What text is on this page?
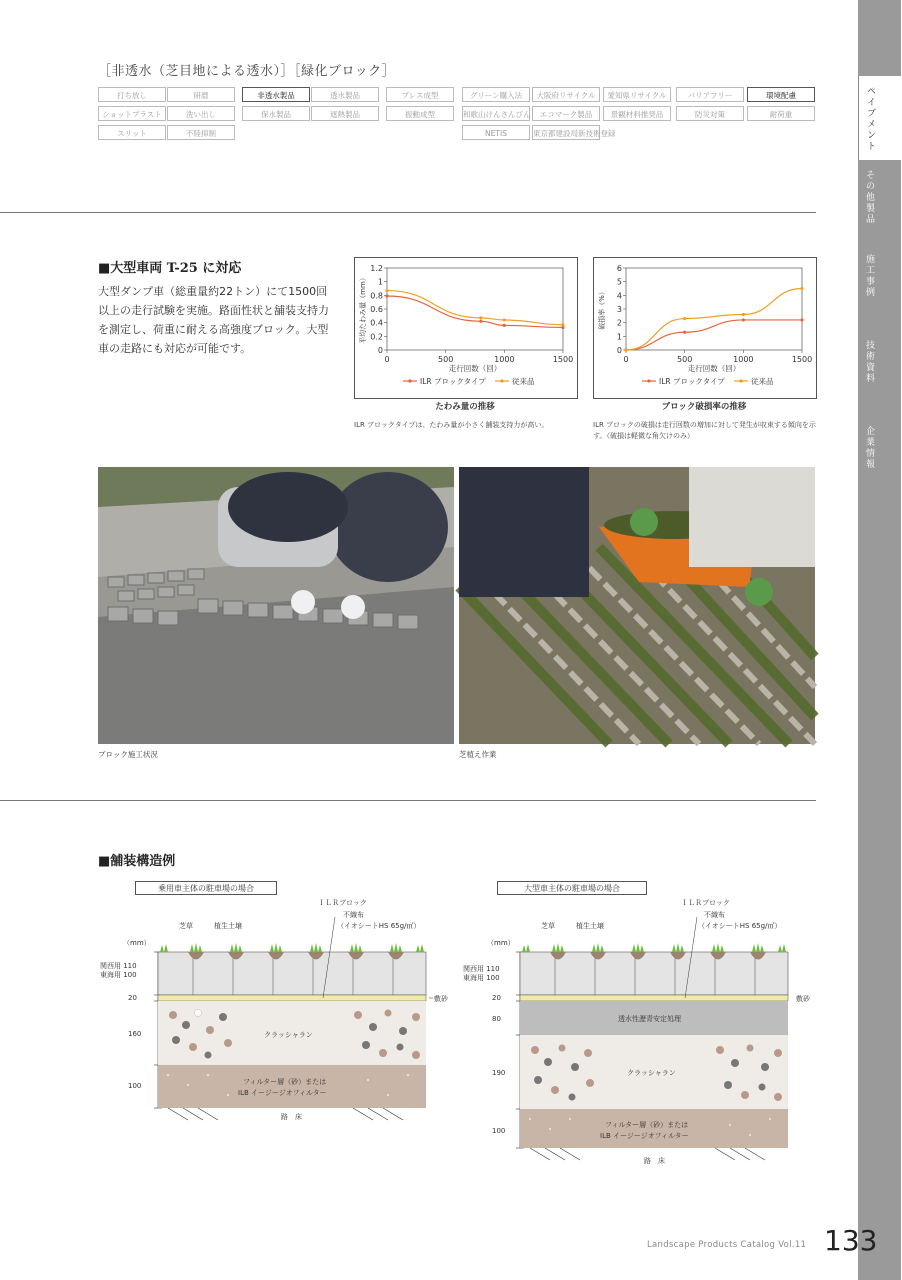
［非透水（芝目地による透水）］［緑化ブロック］
打ち放し	研磨	非透水製品	透水製品	プレス成型	グリーン購入法	大阪府リサイクル	愛知県リサイクル	バリアフリー	環境配慮
ショットブラスト	洗い出し	保水製品	遮熱製品	振動成型	和歌山けんさんぴん	エコマーク製品	景観材料推奨品	防災対策	耐荷重
スリット	不陸抑制	NETIS	東京都建設局新技術登録	ペイブメント
その他製品
施工事例
技術資料
企業情報
■大型車両 T-25 に対応
大型ダンプ車（総重量約22トン）にて1500回以上の走行試験を実施。路面性状と舗装支持力を測定し、荷重に耐える高強度ブロック。大型車の走路にも対応が可能です。	0
0.2
0.4
0.6
0.8
1
1.2
0	500	1000	1500
走行回数（回）
平均たわみ量（mm）
ILR ブロックタイプ	従来品
たわみ量の推移
ILR ブロックタイプは、たわみ量が小さく舗装支持力が高い。
0
1
2
3
4
5
6
0	500	1000	1500
走行回数（回）
破損率（%）
ILR ブロックタイプ	従来品
ブロック破損率の推移
ILR ブロックの破損は走行回数の増加に対して発生が収束する傾向を示す。（破損は軽微な角欠けのみ）
ブロック施工状況	芝植え作業
■舗装構造例
乗用車主体の駐車場の場合
ＩＬＲブロック
不織布
（イオシートHS 65g/㎡）
芝草	植生土壌
（mm）
関西用 110
東海用 100
20
160
100
敷砂
クラッシャラン
フィルター層（砂）または
ILB イージージオフィルター
路　床
大型車主体の駐車場の場合
ＩＬＲブロック
不織布
（イオシートHS 65g/㎡）
芝草	植生土壌
（mm）
関西用 110
東海用 100
20
80
190
100
敷砂
透水性瀝青安定処理
クラッシャラン
フィルター層（砂）または
ILB イージージオフィルター
路　床
Landscape Products Catalog Vol.11 133
